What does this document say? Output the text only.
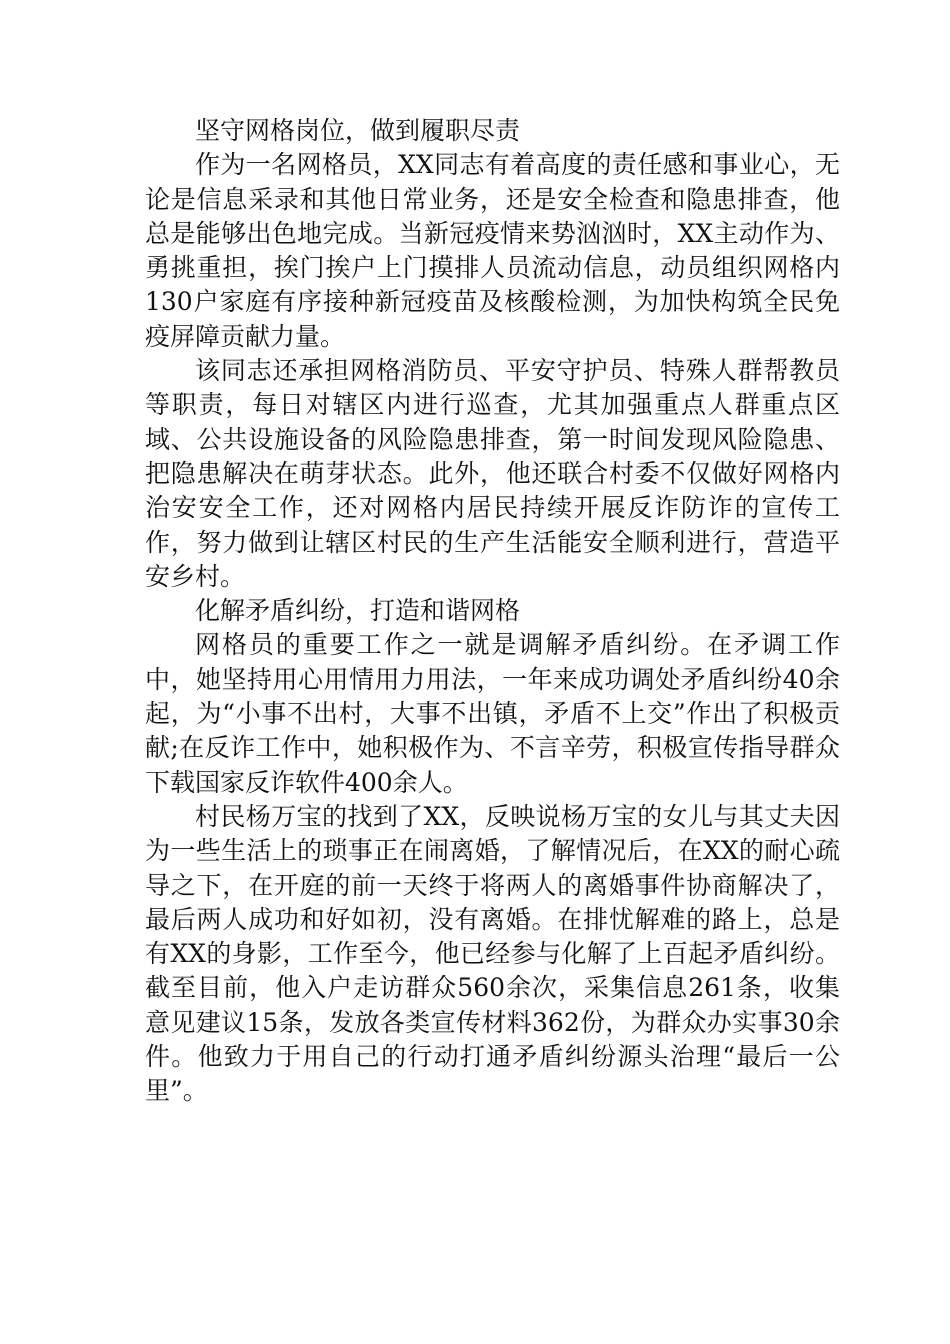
坚守网格岗位，做到履职尽责

作为一名网格员，XX同志有着高度的责任感和事业心，无论是信息采录和其他日常业务，还是安全检查和隐患排查，他总是能够出色地完成。当新冠疫情来势汹汹时，XX主动作为、勇挑重担，挨门挨户上门摸排人员流动信息，动员组织网格内130户家庭有序接种新冠疫苗及核酸检测，为加快构筑全民免疫屏障贡献力量。

该同志还承担网格消防员、平安守护员、特殊人群帮教员等职责，每日对辖区内进行巡查，尤其加强重点人群重点区域、公共设施设备的风险隐患排查，第一时间发现风险隐患、把隐患解决在萌芽状态。此外，他还联合村委不仅做好网格内治安安全工作，还对网格内居民持续开展反诈防诈的宣传工作，努力做到让辖区村民的生产生活能安全顺利进行，营造平安乡村。

化解矛盾纠纷，打造和谐网格

网格员的重要工作之一就是调解矛盾纠纷。在矛调工作中，她坚持用心用情用力用法，一年来成功调处矛盾纠纷40余起，为“小事不出村，大事不出镇，矛盾不上交”作出了积极贡献;在反诈工作中，她积极作为、不言辛劳，积极宣传指导群众下载国家反诈软件400余人。

村民杨万宝的找到了XX，反映说杨万宝的女儿与其丈夫因为一些生活上的琐事正在闹离婚，了解情况后，在XX的耐心疏导之下，在开庭的前一天终于将两人的离婚事件协商解决了，最后两人成功和好如初，没有离婚。在排忧解难的路上，总是有XX的身影，工作至今，他已经参与化解了上百起矛盾纠纷。截至目前，他入户走访群众560余次，采集信息261条，收集意见建议15条，发放各类宣传材料362份，为群众办实事30余件。他致力于用自己的行动打通矛盾纠纷源头治理“最后一公里”。
